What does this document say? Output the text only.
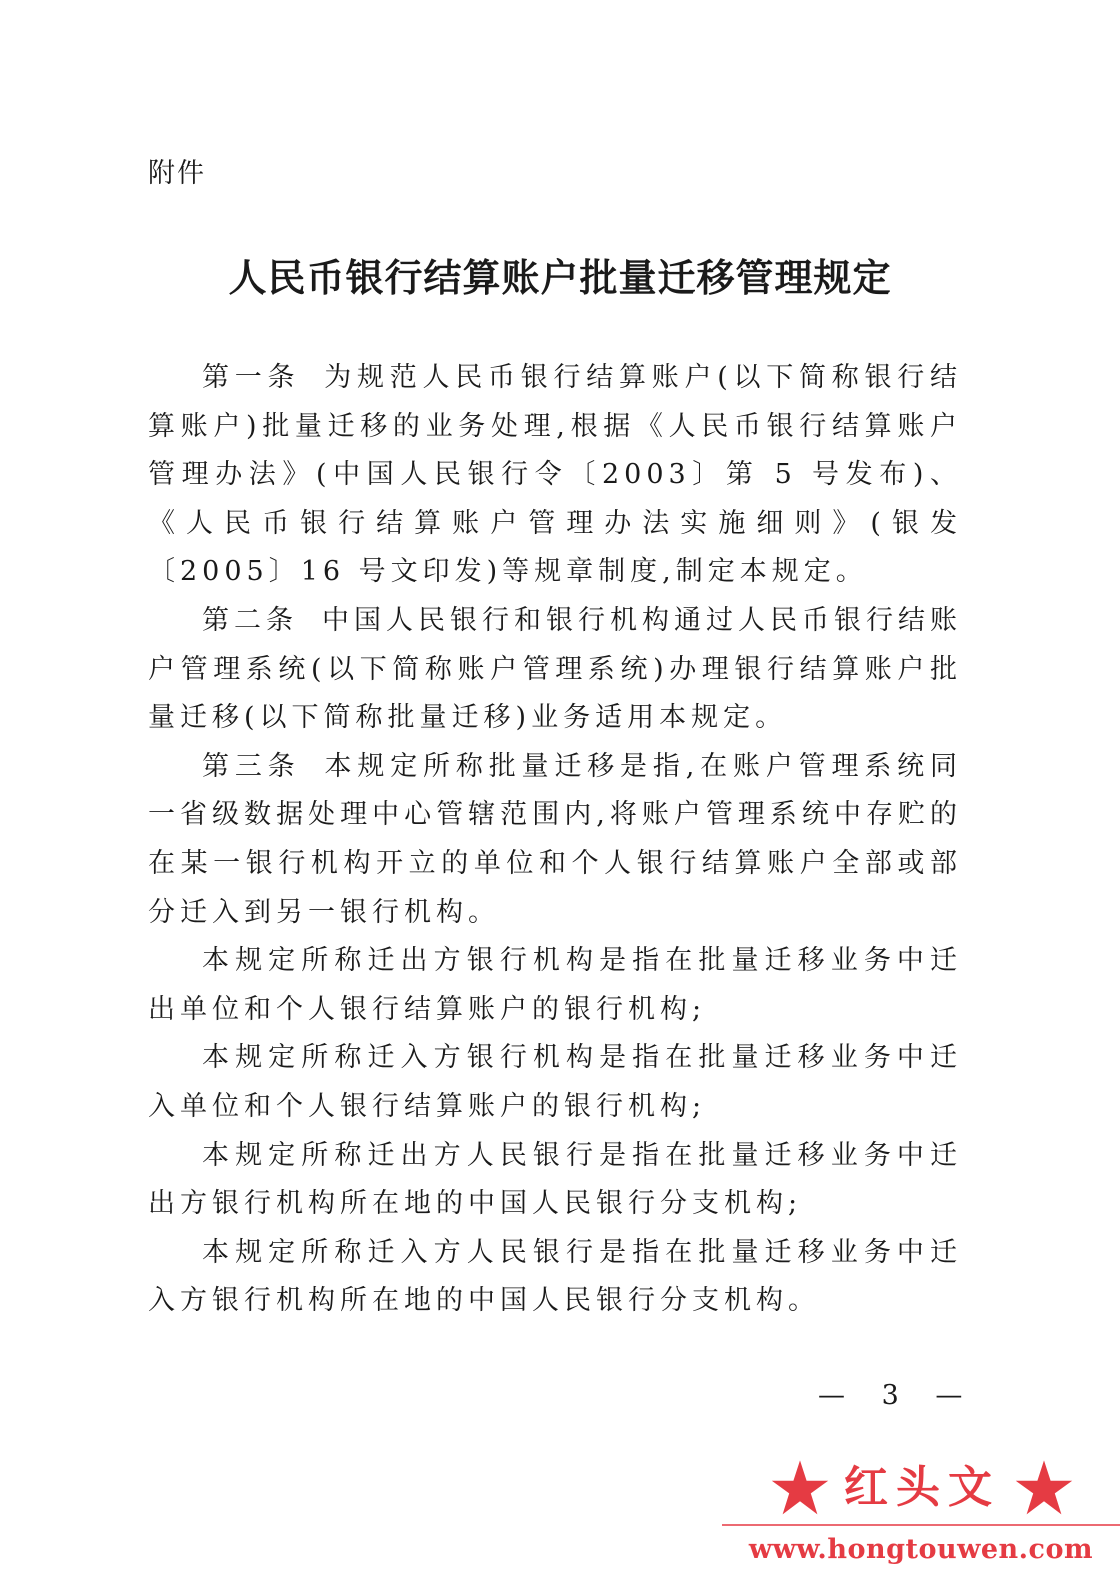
附件
人民币银行结算账户批量迁移管理规定

第一条 为规范人民币银行结算账户(以下简称银行结算账户)批量迁移的业务处理,根据《人民币银行结算账户管理办法》(中国人民银行令〔2003〕第 5 号发布)、《人民币银行结算账户管理办法实施细则》(银发〔2005〕16 号文印发)等规章制度,制定本规定。

第二条 中国人民银行和银行机构通过人民币银行结账户管理系统(以下简称账户管理系统)办理银行结算账户批量迁移(以下简称批量迁移)业务适用本规定。

第三条 本规定所称批量迁移是指,在账户管理系统同一省级数据处理中心管辖范围内,将账户管理系统中存贮的在某一银行机构开立的单位和个人银行结算账户全部或部分迁入到另一银行机构。

本规定所称迁出方银行机构是指在批量迁移业务中迁出单位和个人银行结算账户的银行机构;

本规定所称迁入方银行机构是指在批量迁移业务中迁入单位和个人银行结算账户的银行机构;

本规定所称迁出方人民银行是指在批量迁移业务中迁出方银行机构所在地的中国人民银行分支机构;

本规定所称迁入方人民银行是指在批量迁移业务中迁入方银行机构所在地的中国人民银行分支机构。

— 3 —
红头文
www.hongtouwen.com
